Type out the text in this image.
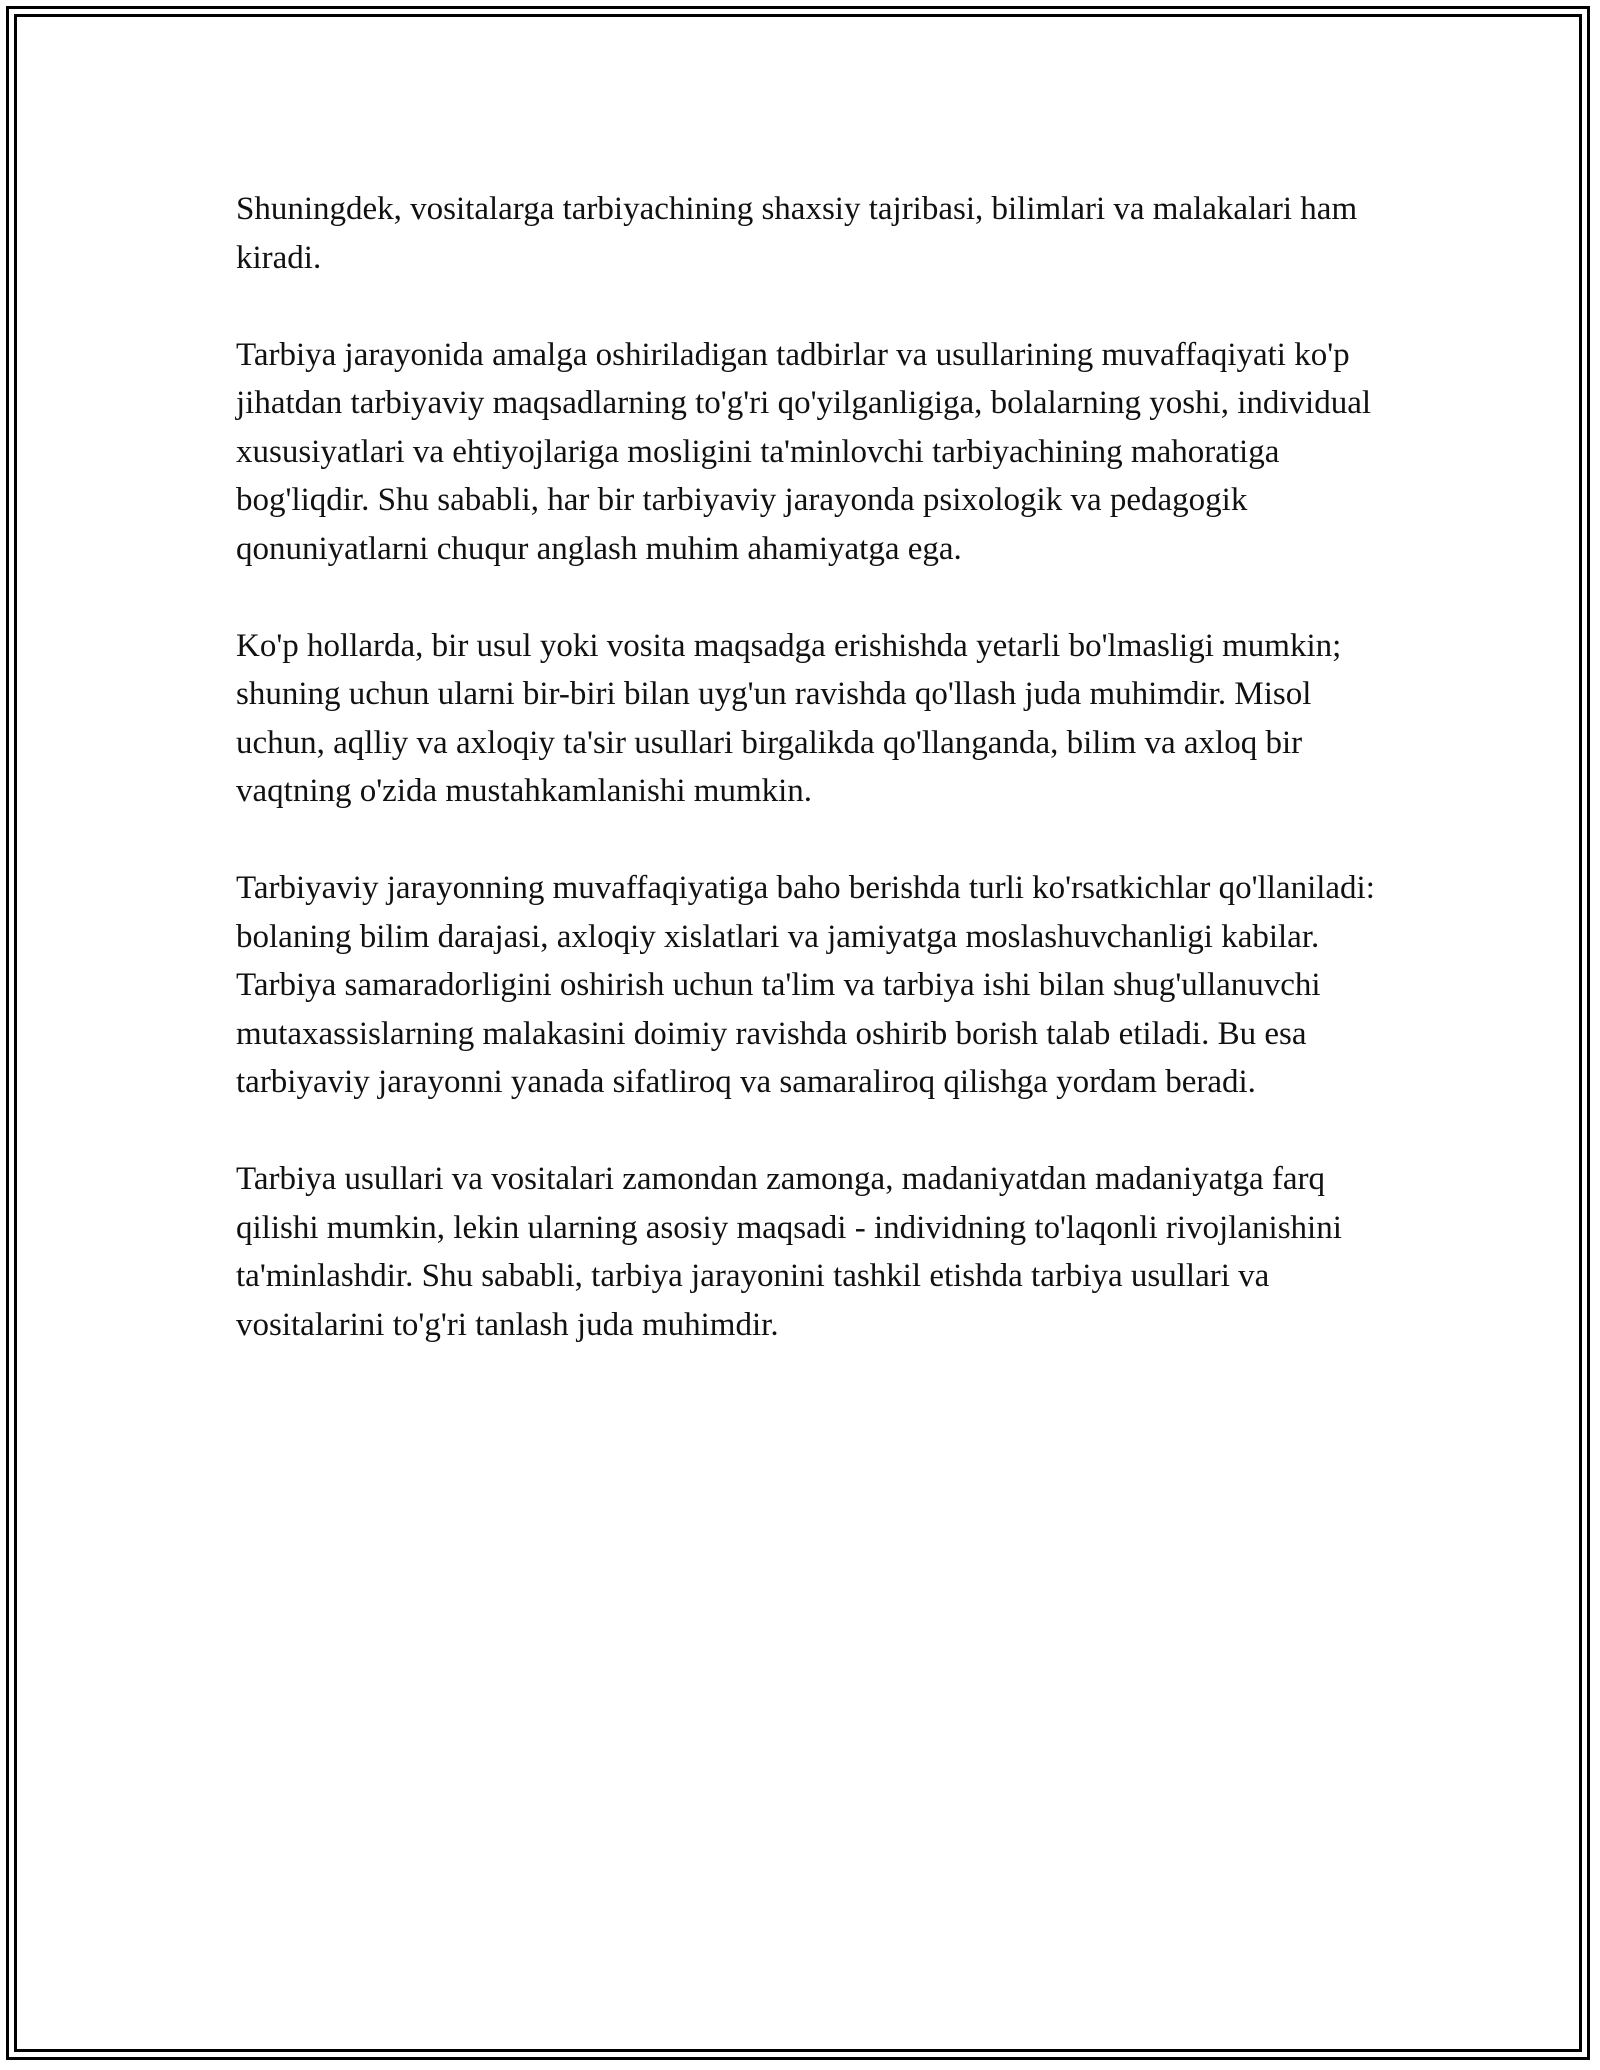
Shuningdek, vositalarga tarbiyachining shaxsiy tajribasi, bilimlari va malakalari ham kiradi.

Tarbiya jarayonida amalga oshiriladigan tadbirlar va usullarining muvaffaqiyati ko'p jihatdan tarbiyaviy maqsadlarning to'g'ri qo'yilganligiga, bolalarning yoshi, individual xususiyatlari va ehtiyojlariga mosligini ta'minlovchi tarbiyachining mahoratiga bog'liqdir. Shu sababli, har bir tarbiyaviy jarayonda psixologik va pedagogik qonuniyatlarni chuqur anglash muhim ahamiyatga ega.

Ko'p hollarda, bir usul yoki vosita maqsadga erishishda yetarli bo'lmasligi mumkin; shuning uchun ularni bir-biri bilan uyg'un ravishda qo'llash juda muhimdir. Misol uchun, aqlliy va axloqiy ta'sir usullari birgalikda qo'llanganda, bilim va axloq bir vaqtning o'zida mustahkamlanishi mumkin.

Tarbiyaviy jarayonning muvaffaqiyatiga baho berishda turli ko'rsatkichlar qo'llaniladi: bolaning bilim darajasi, axloqiy xislatlari va jamiyatga moslashuvchanligi kabilar. Tarbiya samaradorligini oshirish uchun ta'lim va tarbiya ishi bilan shug'ullanuvchi mutaxassislarning malakasini doimiy ravishda oshirib borish talab etiladi. Bu esa tarbiyaviy jarayonni yanada sifatliroq va samaraliroq qilishga yordam beradi.

Tarbiya usullari va vositalari zamondan zamonga, madaniyatdan madaniyatga farq qilishi mumkin, lekin ularning asosiy maqsadi - individning to'laqonli rivojlanishini ta'minlashdir. Shu sababli, tarbiya jarayonini tashkil etishda tarbiya usullari va vositalarini to'g'ri tanlash juda muhimdir.
